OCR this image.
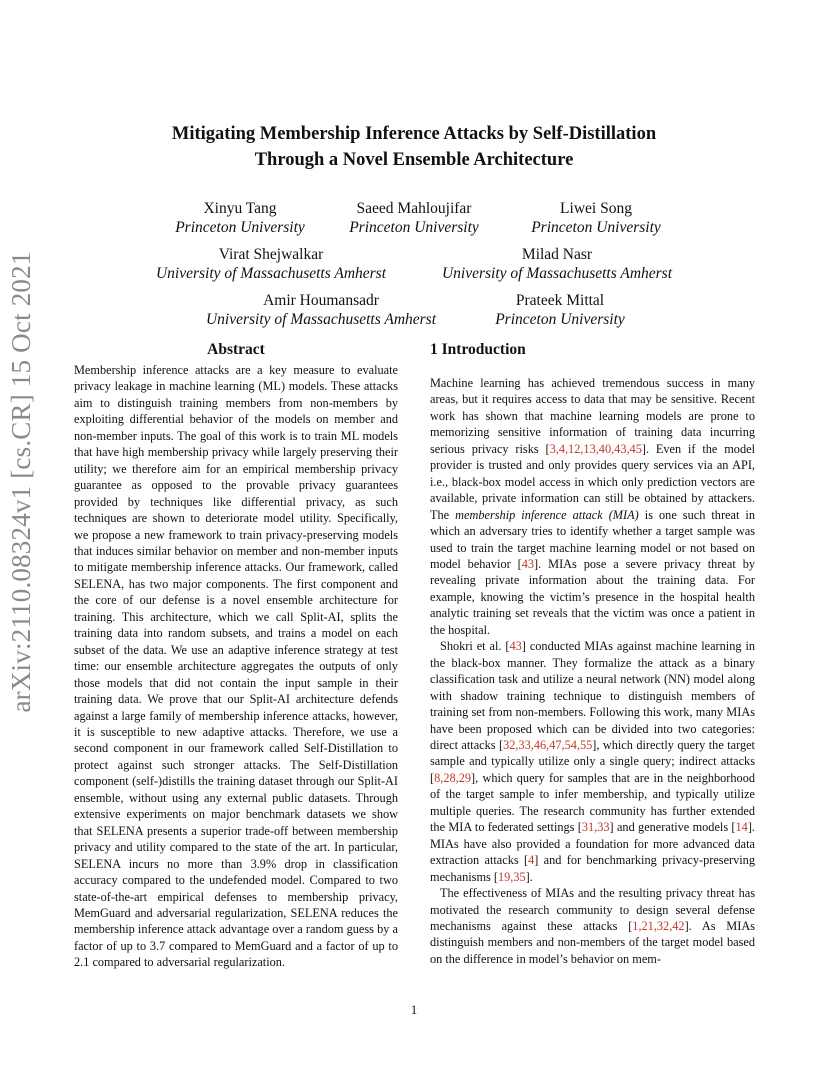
arXiv:2110.08324v1 [cs.CR] 15 Oct 2021
Mitigating Membership Inference Attacks by Self-Distillation
Through a Novel Ensemble Architecture
Xinyu Tang
Princeton University
Saeed Mahloujifar
Princeton University
Liwei Song
Princeton University
Virat Shejwalkar
University of Massachusetts Amherst
Milad Nasr
University of Massachusetts Amherst
Amir Houmansadr
University of Massachusetts Amherst
Prateek Mittal
Princeton University
Abstract	1 Introduction

Membership inference attacks are a key measure to evaluate privacy leakage in machine learning (ML) models. These attacks aim to distinguish training members from non-members by exploiting differential behavior of the models on member and non-member inputs. The goal of this work is to train ML models that have high membership privacy while largely preserving their utility; we therefore aim for an empirical membership privacy guarantee as opposed to the provable privacy guarantees provided by techniques like differential privacy, as such techniques are shown to deteriorate model utility. Specifically, we propose a new framework to train privacy-preserving models that induces similar behavior on member and non-member inputs to mitigate membership inference attacks. Our framework, called SELENA, has two major components. The first component and the core of our defense is a novel ensemble architecture for training. This architecture, which we call Split-AI, splits the training data into random subsets, and trains a model on each subset of the data. We use an adaptive inference strategy at test time: our ensemble architecture aggregates the outputs of only those models that did not contain the input sample in their training data. We prove that our Split-AI architecture defends against a large family of membership inference attacks, however, it is susceptible to new adaptive attacks. Therefore, we use a second component in our framework called Self-Distillation to protect against such stronger attacks. The Self-Distillation component (self-)distills the training dataset through our Split-AI ensemble, without using any external public datasets. Through extensive experiments on major benchmark datasets we show that SELENA presents a superior trade-off between membership privacy and utility compared to the state of the art. In particular, SELENA incurs no more than 3.9% drop in classification accuracy compared to the undefended model. Compared to two state-of-the-art empirical defenses to membership privacy, MemGuard and adversarial regularization, SELENA reduces the membership inference attack advantage over a random guess by a factor of up to 3.7 compared to MemGuard and a factor of up to 2.1 compared to adversarial regularization.

Machine learning has achieved tremendous success in many areas, but it requires access to data that may be sensitive. Recent work has shown that machine learning models are prone to memorizing sensitive information of training data incurring serious privacy risks [3,4,12,13,40,43,45]. Even if the model provider is trusted and only provides query services via an API, i.e., black-box model access in which only prediction vectors are available, private information can still be obtained by attackers. The membership inference attack (MIA) is one such threat in which an adversary tries to identify whether a target sample was used to train the target machine learning model or not based on model behavior [43]. MIAs pose a severe privacy threat by revealing private information about the training data. For example, knowing the victim’s presence in the hospital health analytic training set reveals that the victim was once a patient in the hospital.

Shokri et al. [43] conducted MIAs against machine learning in the black-box manner. They formalize the attack as a binary classification task and utilize a neural network (NN) model along with shadow training technique to distinguish members of training set from non-members. Following this work, many MIAs have been proposed which can be divided into two categories: direct attacks [32,33,46,47,54,55], which directly query the target sample and typically utilize only a single query; indirect attacks [8,28,29], which query for samples that are in the neighborhood of the target sample to infer membership, and typically utilize multiple queries. The research community has further extended the MIA to federated settings [31,33] and generative models [14]. MIAs have also provided a foundation for more advanced data extraction attacks [4] and for benchmarking privacy-preserving mechanisms [19,35].

The effectiveness of MIAs and the resulting privacy threat has motivated the research community to design several defense mechanisms against these attacks [1,21,32,42]. As MIAs distinguish members and non-members of the target model based on the difference in model’s behavior on mem-

1
